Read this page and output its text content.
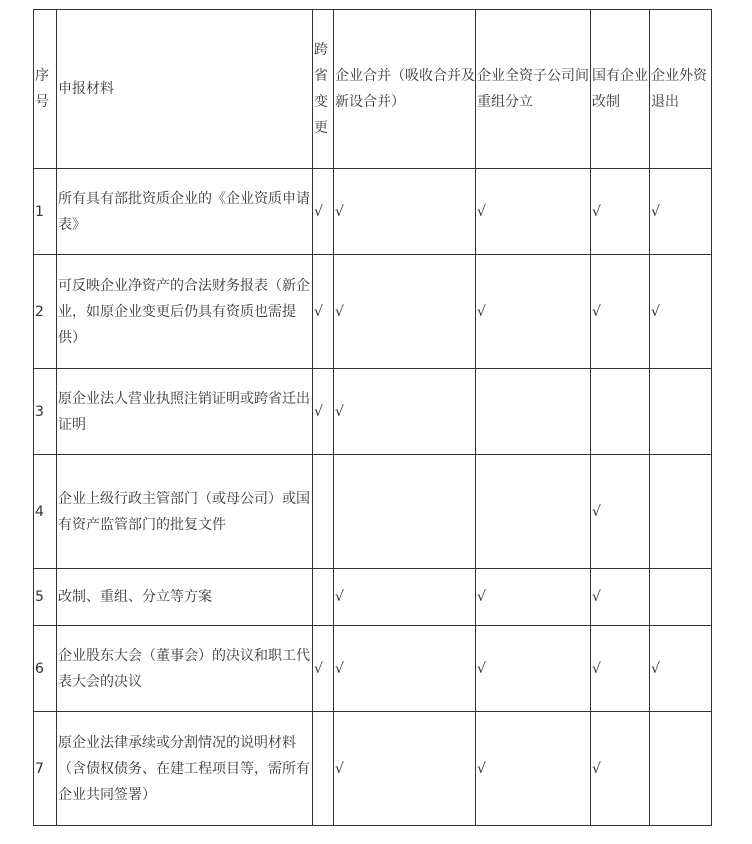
序号	申报材料	跨省变更	企业合并（吸收合并及新设合并）	企业全资子公司间重组分立	国有企业改制	企业外资退出
1	所有具有部批资质企业的《企业资质申请表》	√	√	√	√	√
2	可反映企业净资产的合法财务报表（新企业，如原企业变更后仍具有资质也需提供）	√	√	√	√	√
3	原企业法人营业执照注销证明或跨省迁出证明	√	√			
4	企业上级行政主管部门（或母公司）或国有资产监管部门的批复文件				√	
5	改制、重组、分立等方案		√	√	√	
6	企业股东大会（董事会）的决议和职工代表大会的决议	√	√	√	√	√
7	原企业法律承续或分割情况的说明材料（含债权债务、在建工程项目等，需所有企业共同签署）		√	√	√	
